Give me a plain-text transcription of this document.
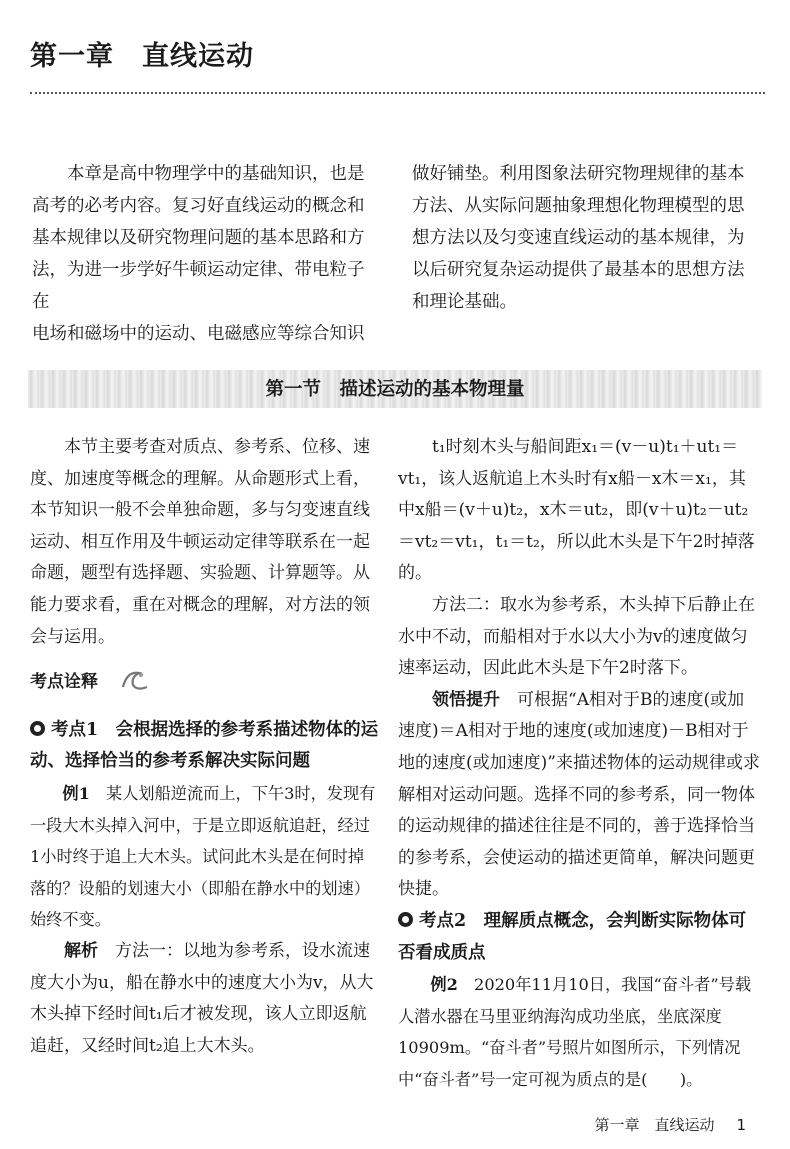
第一章　直线运动

本章是高中物理学中的基础知识，也是

高考的必考内容。复习好直线运动的概念和
基本规律以及研究物理问题的基本思路和方
法，为进一步学好牛顿运动定律、带电粒子在
电场和磁场中的运动、电磁感应等综合知识
做好铺垫。利用图象法研究物理规律的基本
方法、从实际问题抽象理想化物理模型的思
想方法以及匀变速直线运动的基本规律，为
以后研究复杂运动提供了最基本的思想方法
和理论基础。
第一节　描述运动的基本物理量

本节主要考查对质点、参考系、位移、速度、加速度等概念的理解。从命题形式上看，本节知识一般不会单独命题，多与匀变速直线运动、相互作用及牛顿运动定律等联系在一起命题，题型有选择题、实验题、计算题等。从能力要求看，重在对概念的理解，对方法的领会与运用。

考点诠释
考点1　会根据选择的参考系描述物体的运动、选择恰当的参考系解决实际问题

例1　 某人划船逆流而上，下午3时，发现有一段大木头掉入河中，于是立即返航追赶，经过1小时终于追上大木头。试问此木头是在何时掉落的？设船的划速大小（即船在静水中的划速）始终不变。

解析　 方法一：以地为参考系，设水流速度大小为u，船在静水中的速度大小为v，从大木头掉下经时间t₁后才被发现，该人立即返航追赶，又经时间t₂追上大木头。

t₁时刻木头与船间距x₁＝(v－u)t₁＋ut₁＝vt₁，该人返航追上木头时有x船－x木＝x₁，其中x船＝(v＋u)t₂，x木＝ut₂，即(v＋u)t₂－ut₂＝vt₂＝vt₁，t₁＝t₂，所以此木头是下午2时掉落的。

方法二：取水为参考系，木头掉下后静止在水中不动，而船相对于水以大小为v的速度做匀速率运动，因此此木头是下午2时落下。

领悟提升　 可根据“A相对于B的速度(或加速度)＝A相对于地的速度(或加速度)－B相对于地的速度(或加速度)”来描述物体的运动规律或求解相对运动问题。选择不同的参考系，同一物体的运动规律的描述往往是不同的，善于选择恰当的参考系，会使运动的描述更简单，解决问题更快捷。

考点2　理解质点概念，会判断实际物体可否看成质点

例2　 2020年11月10日，我国“奋斗者”号载人潜水器在马里亚纳海沟成功坐底，坐底深度10909m。“奋斗者”号照片如图所示，下列情况中“奋斗者”号一定可视为质点的是(　　)。

第一章　直线运动 1
